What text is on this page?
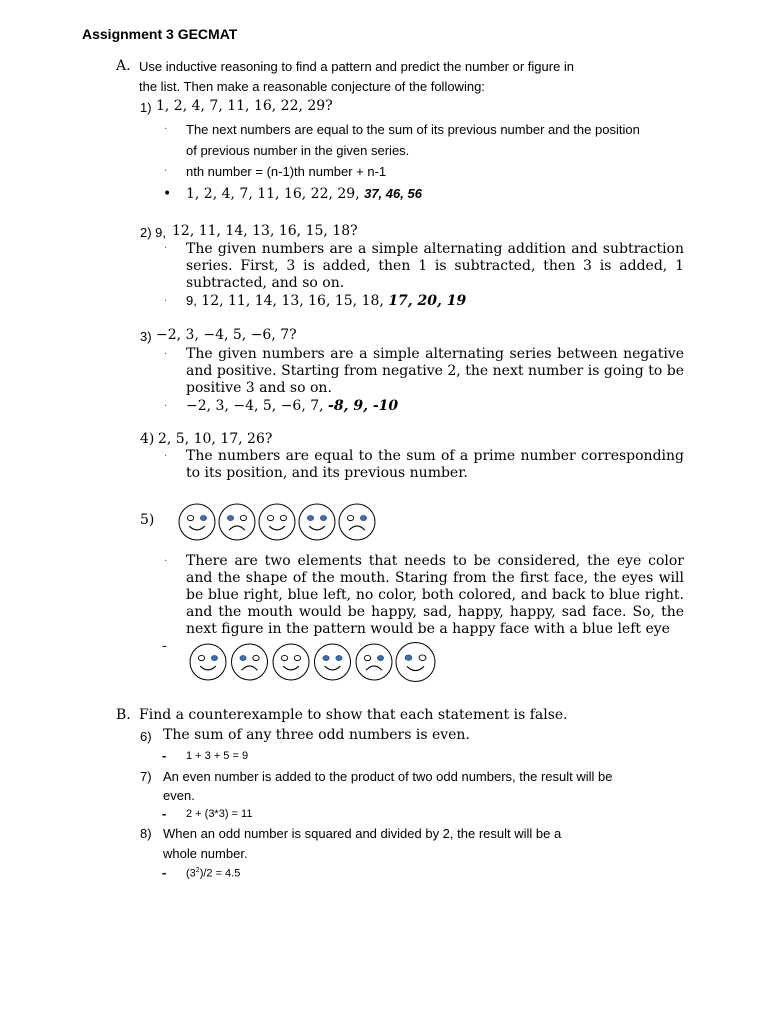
Assignment 3 GECMAT
A. Use inductive reasoning to find a pattern and predict the number or figure in
the list. Then make a reasonable conjecture of the following:
1) 1, 2, 4, 7, 11, 16, 22, 29?
· The next numbers are equal to the sum of its previous number and the position
of previous number in the given series.
· nth number = (n-1)th number + n-1
• 1, 2, 4, 7, 11, 16, 22, 29, 37, 46, 56
2) 9, 12, 11, 14, 13, 16, 15, 18?
· The given numbers are a simple alternating addition and subtraction series. First, 3 is added, then 1 is subtracted, then 3 is added, 1 subtracted, and so on.
· 9, 12, 11, 14, 13, 16, 15, 18, 17, 20, 19
3) −2, 3, −4, 5, −6, 7?
· The given numbers are a simple alternating series between negative and positive. Starting from negative 2, the next number is going to be positive 3 and so on.
· −2, 3, −4, 5, −6, 7, -8, 9, -10
4) 2, 5, 10, 17, 26?
· The numbers are equal to the sum of a prime number corresponding to its position, and its previous number.
5)
· There are two elements that needs to be considered, the eye color and the shape of the mouth. Staring from the first face, the eyes will be blue right, blue left, no color, both colored, and back to blue right. and the mouth would be happy, sad, happy, happy, sad face. So, the next figure in the pattern would be a happy face with a blue left eye
-
B. Find a counterexample to show that each statement is false.
6) The sum of any three odd numbers is even.
- 1 + 3 + 5 = 9
7) An even number is added to the product of two odd numbers, the result will be
even.
- 2 + (3*3) = 11
8) When an odd number is squared and divided by 2, the result will be a
whole number.
- $(3^2)/2 = 4.5$
